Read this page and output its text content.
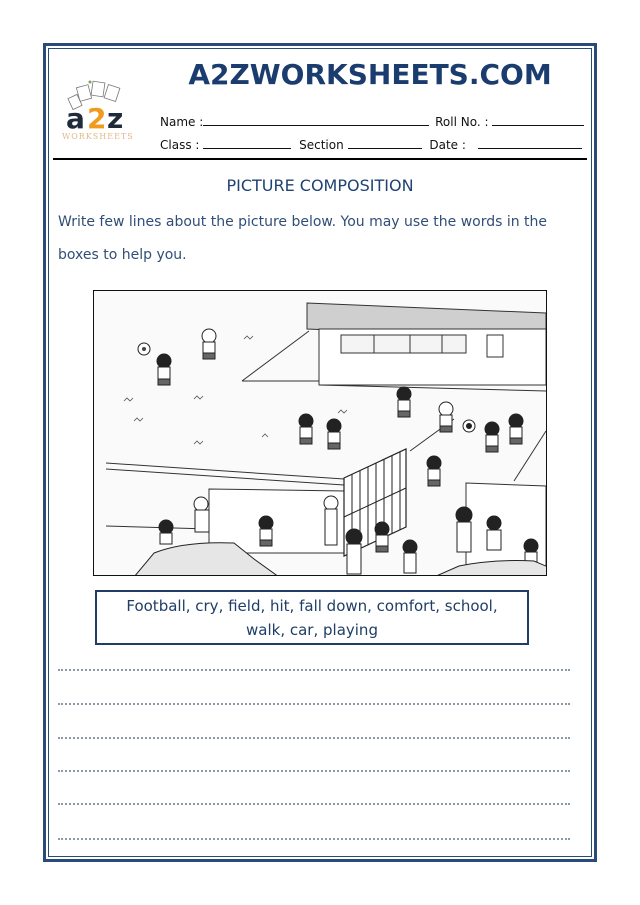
a 2 z
WORKSHEETS
A2ZWORKSHEETS.COM
Name :	Roll No. :
Class :	Section	Date :
PICTURE COMPOSITION
Write few lines about the picture below. You may use the words in the boxes to help you.
Football, cry, field, hit, fall down, comfort, school,
walk, car, playing
